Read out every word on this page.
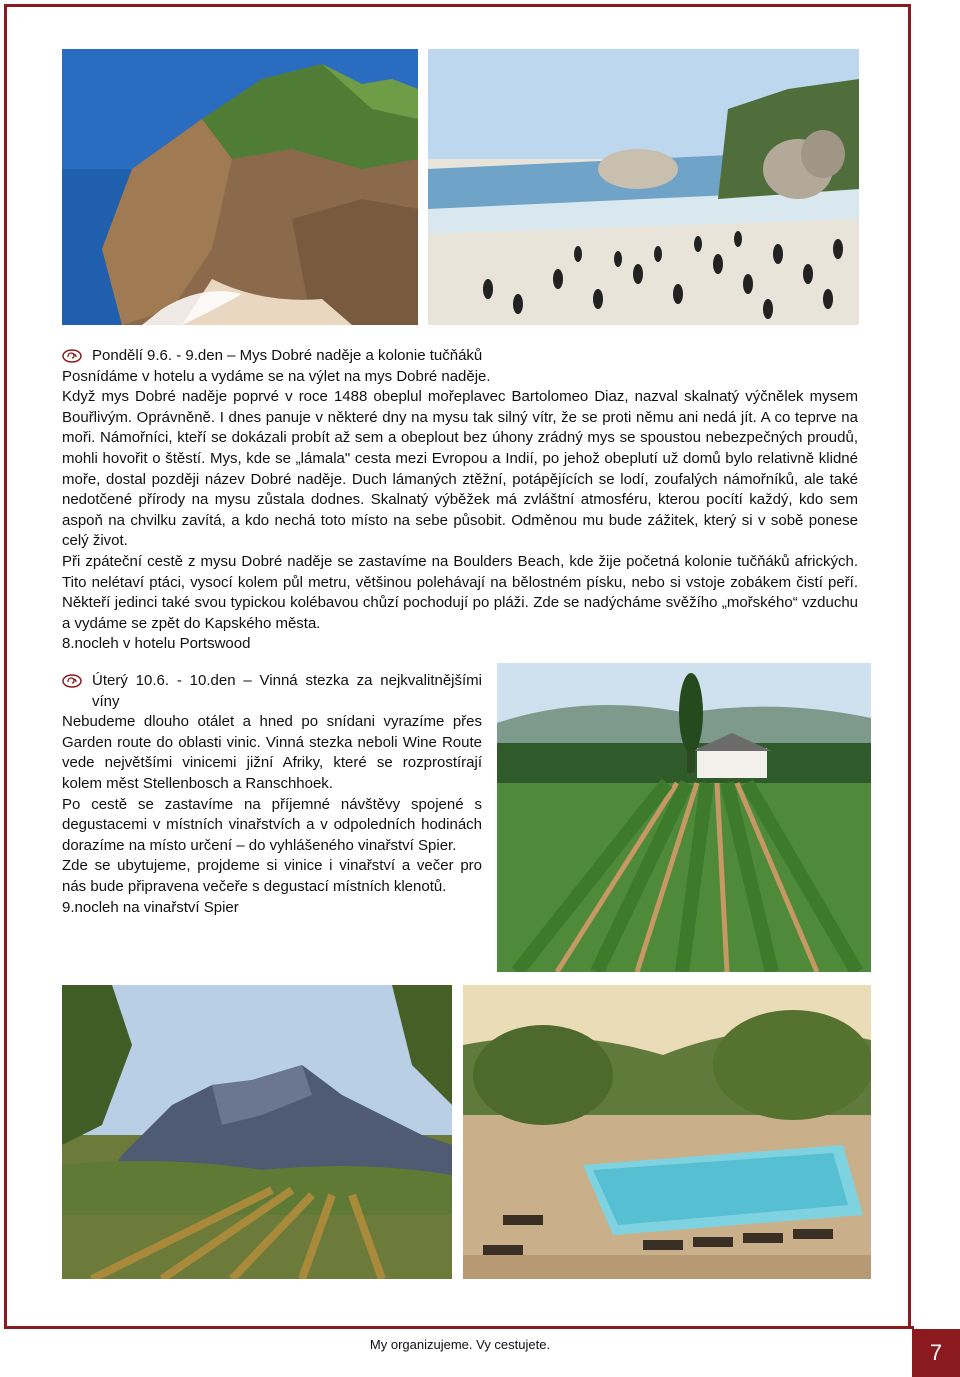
Pondělí 9.6. - 9.den – Mys Dobré naděje a kolonie tučňáků

Posnídáme v hotelu a vydáme se na výlet na mys Dobré naděje.

Když mys Dobré naděje poprvé v roce 1488 obeplul mořeplavec Bartolomeo Diaz, nazval skalnatý výčnělek mysem Bouřlivým. Oprávněně. I dnes panuje v některé dny na mysu tak silný vítr, že se proti němu ani nedá jít. A co teprve na moři. Námořníci, kteří se dokázali probít až sem a obeplout bez úhony zrádný mys se spoustou nebezpečných proudů, mohli hovořit o štěstí. Mys, kde se „lámala" cesta mezi Evropou a Indií, po jehož obeplutí už domů bylo relativně klidné moře, dostal později název Dobré naděje. Duch lámaných ztěžní, potápějících se lodí, zoufalých námořníků, ale také nedotčené přírody na mysu zůstala dodnes. Skalnatý výběžek má zvláštní atmosféru, kterou pocítí každý, kdo sem aspoň na chvilku zavítá, a kdo nechá toto místo na sebe působit. Odměnou mu bude zážitek, který si v sobě ponese celý život.

Při zpáteční cestě z mysu Dobré naděje se zastavíme na Boulders Beach, kde žije početná kolonie tučňáků afrických. Tito nelétaví ptáci, vysocí kolem půl metru, většinou polehávají na bělostném písku, nebo si vstoje zobákem čistí peří. Někteří jedinci také svou typickou kolébavou chůzí pochodují po pláži. Zde se nadýcháme svěžího „mořského“ vzduchu a vydáme se zpět do Kapského města.

8.nocleh v hotelu Portswood

Úterý 10.6. - 10.den – Vinná stezka za nejkvalitnějšími víny

Nebudeme dlouho otálet a hned po snídani vyrazíme přes Garden route do oblasti vinic. Vinná stezka neboli Wine Route vede největšími vinicemi jižní Afriky, které se rozprostírají kolem měst Stellenbosch a Ranschhoek.

Po cestě se zastavíme na příjemné návštěvy spojené s degustacemi v místních vinařstvích a v odpoledních hodinách dorazíme na místo určení – do vyhlášeného vinařství Spier.

Zde se ubytujeme, projdeme si vinice i vinařství a večer pro nás bude připravena večeře s degustací místních klenotů.

9.nocleh na vinařství Spier

My organizujeme. Vy cestujete.	7
